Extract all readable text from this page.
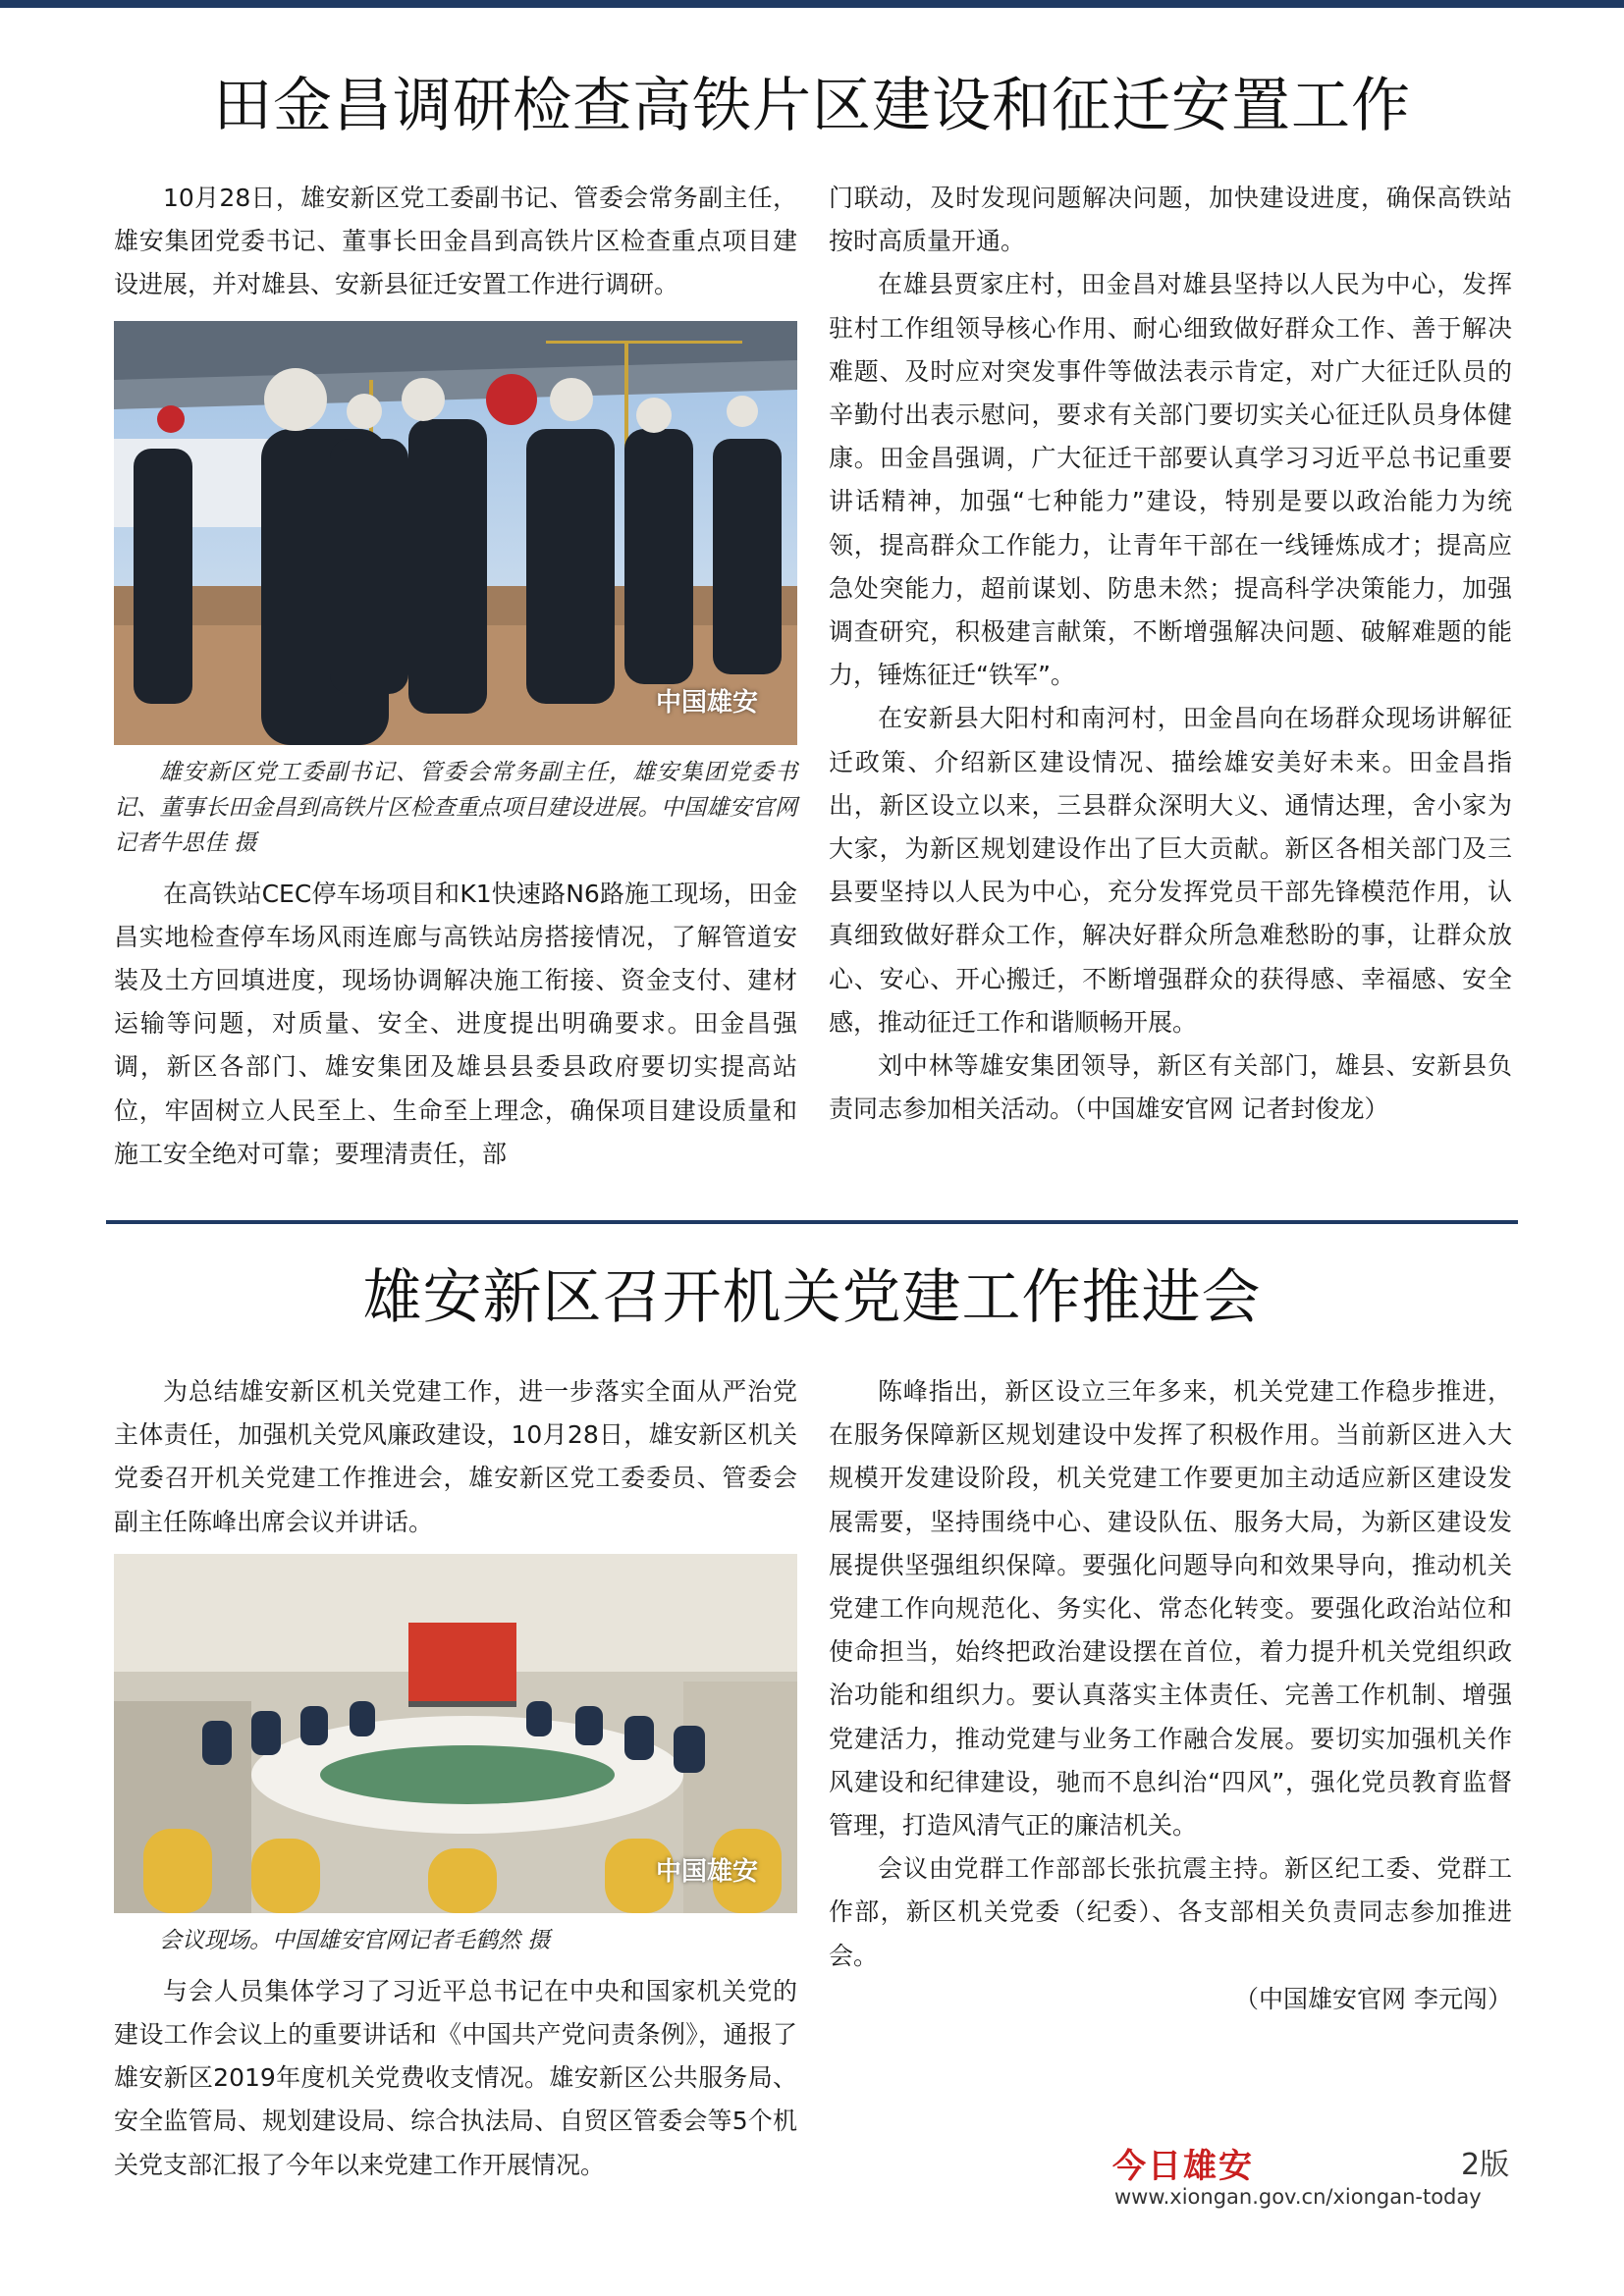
田金昌调研检查高铁片区建设和征迁安置工作

10月28日，雄安新区党工委副书记、管委会常务副主任，雄安集团党委书记、董事长田金昌到高铁片区检查重点项目建设进展，并对雄县、安新县征迁安置工作进行调研。

中国雄安
雄安新区党工委副书记、管委会常务副主任，雄安集团党委书记、董事长田金昌到高铁片区检查重点项目建设进展。中国雄安官网记者牛思佳 摄

在高铁站CEC停车场项目和K1快速路N6路施工现场，田金昌实地检查停车场风雨连廊与高铁站房搭接情况，了解管道安装及土方回填进度，现场协调解决施工衔接、资金支付、建材运输等问题，对质量、安全、进度提出明确要求。田金昌强调，新区各部门、雄安集团及雄县县委县政府要切实提高站位，牢固树立人民至上、生命至上理念，确保项目建设质量和施工安全绝对可靠；要理清责任，部

门联动，及时发现问题解决问题，加快建设进度，确保高铁站按时高质量开通。

在雄县贾家庄村，田金昌对雄县坚持以人民为中心，发挥驻村工作组领导核心作用、耐心细致做好群众工作、善于解决难题、及时应对突发事件等做法表示肯定，对广大征迁队员的辛勤付出表示慰问，要求有关部门要切实关心征迁队员身体健康。田金昌强调，广大征迁干部要认真学习习近平总书记重要讲话精神，加强“七种能力”建设，特别是要以政治能力为统领，提高群众工作能力，让青年干部在一线锤炼成才；提高应急处突能力，超前谋划、防患未然；提高科学决策能力，加强调查研究，积极建言献策，不断增强解决问题、破解难题的能力，锤炼征迁“铁军”。

在安新县大阳村和南河村，田金昌向在场群众现场讲解征迁政策、介绍新区建设情况、描绘雄安美好未来。田金昌指出，新区设立以来，三县群众深明大义、通情达理，舍小家为大家，为新区规划建设作出了巨大贡献。新区各相关部门及三县要坚持以人民为中心，充分发挥党员干部先锋模范作用，认真细致做好群众工作，解决好群众所急难愁盼的事，让群众放心、安心、开心搬迁，不断增强群众的获得感、幸福感、安全感，推动征迁工作和谐顺畅开展。

刘中林等雄安集团领导，新区有关部门，雄县、安新县负责同志参加相关活动。（中国雄安官网 记者封俊龙）

雄安新区召开机关党建工作推进会

为总结雄安新区机关党建工作，进一步落实全面从严治党主体责任，加强机关党风廉政建设，10月28日，雄安新区机关党委召开机关党建工作推进会，雄安新区党工委委员、管委会副主任陈峰出席会议并讲话。

中国雄安
会议现场。中国雄安官网记者毛鹤然 摄

与会人员集体学习了习近平总书记在中央和国家机关党的建设工作会议上的重要讲话和《中国共产党问责条例》，通报了雄安新区2019年度机关党费收支情况。雄安新区公共服务局、安全监管局、规划建设局、综合执法局、自贸区管委会等5个机关党支部汇报了今年以来党建工作开展情况。

陈峰指出，新区设立三年多来，机关党建工作稳步推进，在服务保障新区规划建设中发挥了积极作用。当前新区进入大规模开发建设阶段，机关党建工作要更加主动适应新区建设发展需要，坚持围绕中心、建设队伍、服务大局，为新区建设发展提供坚强组织保障。要强化问题导向和效果导向，推动机关党建工作向规范化、务实化、常态化转变。要强化政治站位和使命担当，始终把政治建设摆在首位，着力提升机关党组织政治功能和组织力。要认真落实主体责任、完善工作机制、增强党建活力，推动党建与业务工作融合发展。要切实加强机关作风建设和纪律建设，驰而不息纠治“四风”，强化党员教育监督管理，打造风清气正的廉洁机关。

会议由党群工作部部长张抗震主持。新区纪工委、党群工作部，新区机关党委（纪委）、各支部相关负责同志参加推进会。

（中国雄安官网 李元闯）

今日雄安	2版
www.xiongan.gov.cn/xiongan-today
